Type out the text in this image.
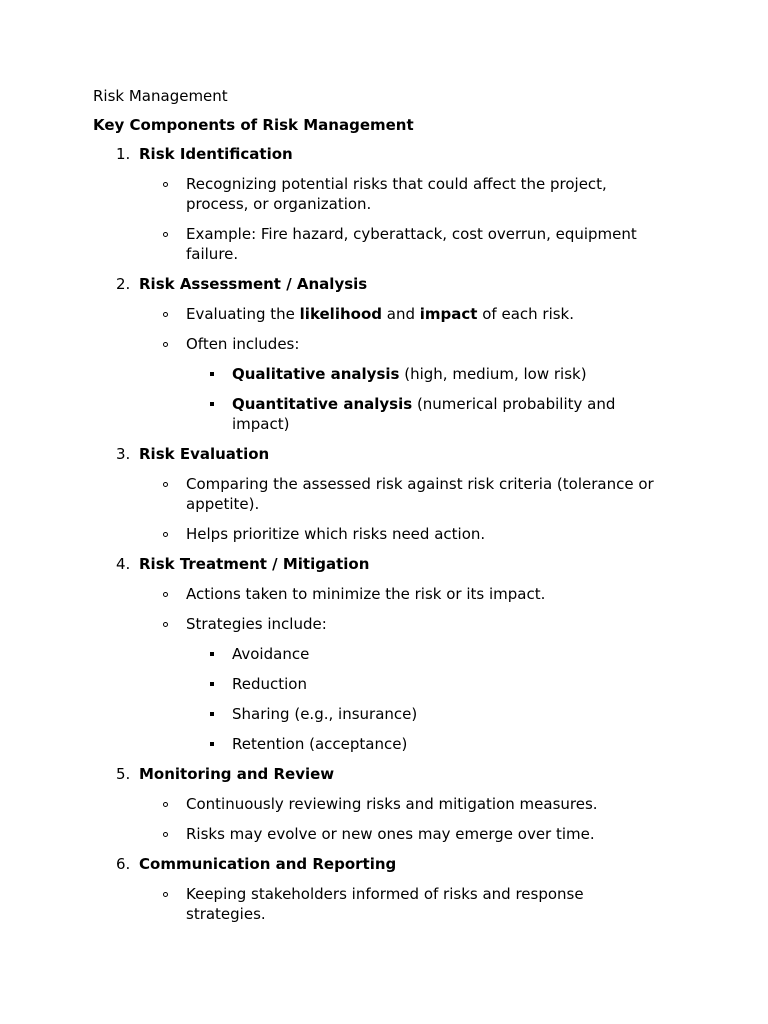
Risk Management
Key Components of Risk Management
1. Risk Identification
Recognizing potential risks that could affect the project,
process, or organization.
Example: Fire hazard, cyberattack, cost overrun, equipment
failure.
2. Risk Assessment / Analysis
Evaluating the likelihood and impact of each risk.
Often includes:
Qualitative analysis (high, medium, low risk)
Quantitative analysis (numerical probability and
impact)
3. Risk Evaluation
Comparing the assessed risk against risk criteria (tolerance or
appetite).
Helps prioritize which risks need action.
4. Risk Treatment / Mitigation
Actions taken to minimize the risk or its impact.
Strategies include:
Avoidance
Reduction
Sharing (e.g., insurance)
Retention (acceptance)
5. Monitoring and Review
Continuously reviewing risks and mitigation measures.
Risks may evolve or new ones may emerge over time.
6. Communication and Reporting
Keeping stakeholders informed of risks and response
strategies.
